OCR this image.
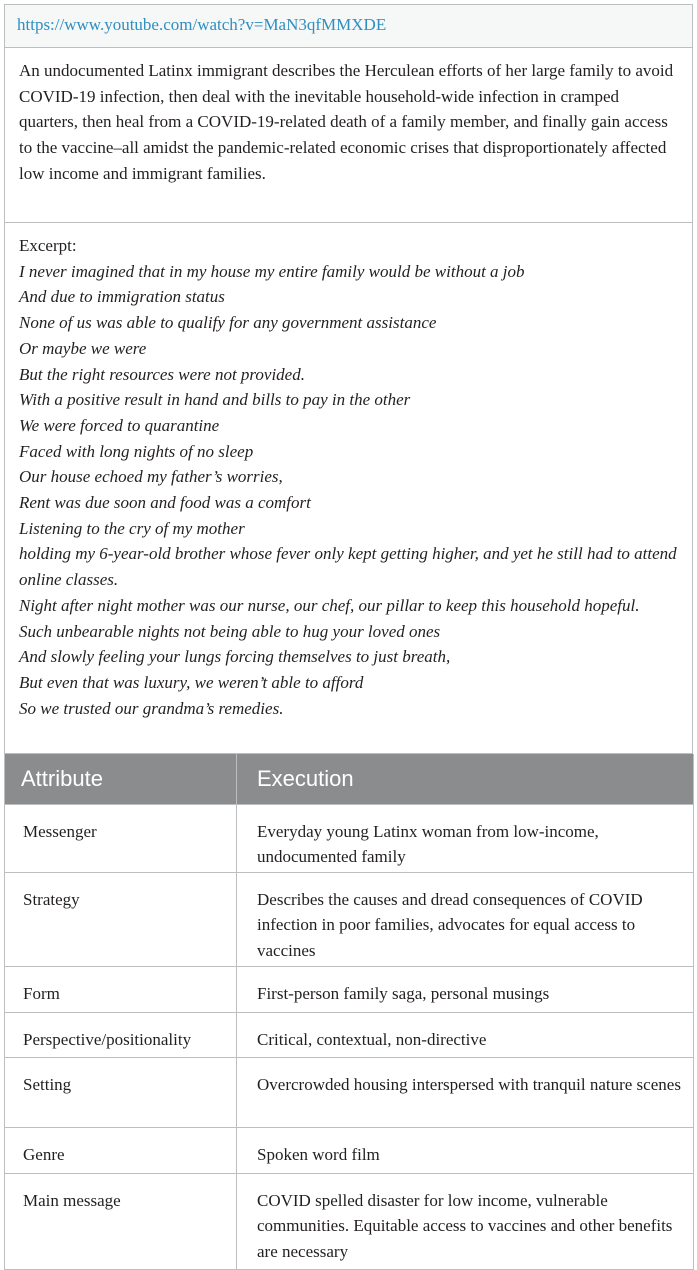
https://www.youtube.com/watch?v=MaN3qfMMXDE

An undocumented Latinx immigrant describes the Herculean efforts of her large family to avoid COVID-19 infection, then deal with the inevitable household-wide infection in cramped quarters, then heal from a COVID-19-related death of a family member, and finally gain access to the vaccine–all amidst the pandemic-related economic crises that disproportionately affected low income and immigrant families.

Excerpt:
I never imagined that in my house my entire family would be without a job
And due to immigration status
None of us was able to qualify for any government assistance
Or maybe we were
But the right resources were not provided.
With a positive result in hand and bills to pay in the other
We were forced to quarantine
Faced with long nights of no sleep
Our house echoed my father’s worries,
Rent was due soon and food was a comfort
Listening to the cry of my mother
holding my 6-year-old brother whose fever only kept getting higher, and yet he still had to attend online classes.
Night after night mother was our nurse, our chef, our pillar to keep this household hopeful.
Such unbearable nights not being able to hug your loved ones
And slowly feeling your lungs forcing themselves to just breath,
But even that was luxury, we weren’t able to afford
So we trusted our grandma’s remedies.
Attribute	Execution
Messenger	Everyday young Latinx woman from low-income, undocumented family
Strategy	Describes the causes and dread consequences of COVID infection in poor families, advocates for equal access to vaccines
Form	First-person family saga, personal musings
Perspective/positionality	Critical, contextual, non-directive
Setting	Overcrowded housing interspersed with tranquil nature scenes
Genre	Spoken word film
Main message	COVID spelled disaster for low income, vulnerable communities. Equitable access to vaccines and other benefits are necessary
